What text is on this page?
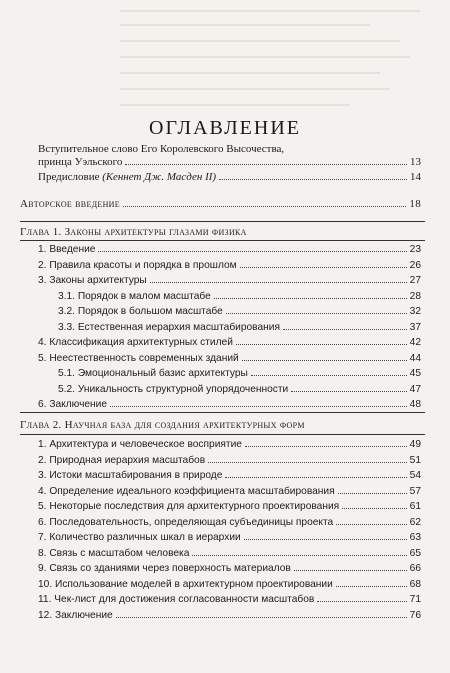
ОГЛАВЛЕНИЕ
Вступительное слово Его Королевского Высочества,
принца Уэльского	13
Предисловие (Кеннет Дж. Масден II)	14
Авторское введение	18
Глава 1. Законы архитектуры глазами физика
1. Введение	23
2. Правила красоты и порядка в прошлом	26
3. Законы архитектуры	27
3.1. Порядок в малом масштабе	28
3.2. Порядок в большом масштабе	32
3.3. Естественная иерархия масштабирования	37
4. Классификация архитектурных стилей	42
5. Неестественность современных зданий	44
5.1. Эмоциональный базис архитектуры	45
5.2. Уникальность структурной упорядоченности	47
6. Заключение	48
Глава 2. Научная база для создания архитектурных форм
1. Архитектура и человеческое восприятие	49
2. Природная иерархия масштабов	51
3. Истоки масштабирования в природе	54
4. Определение идеального коэффициента масштабирования	57
5. Некоторые последствия для архитектурного проектирования	61
6. Последовательность, определяющая субъединицы проекта	62
7. Количество различных шкал в иерархии	63
8. Связь с масштабом человека	65
9. Связь со зданиями через поверхность материалов	66
10. Использование моделей в архитектурном проектировании	68
11. Чек-лист для достижения согласованности масштабов	71
12. Заключение	76
